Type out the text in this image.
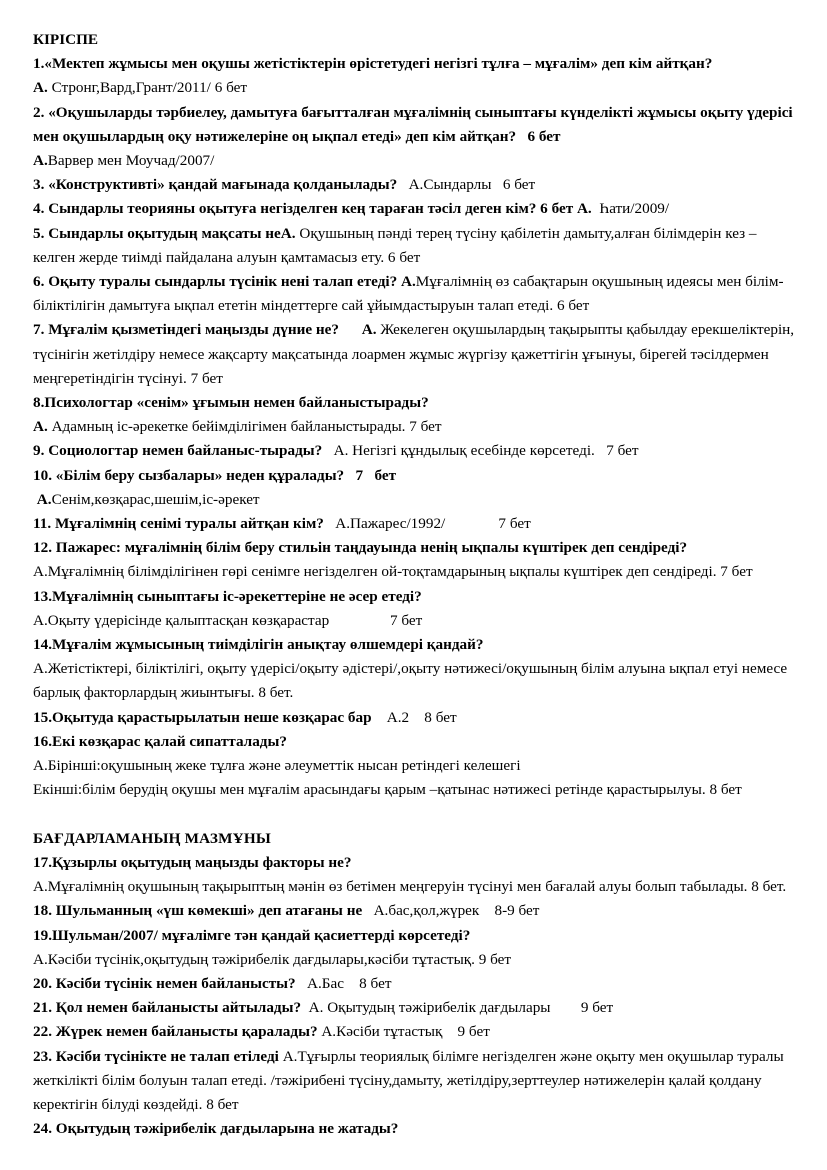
КІРІСПЕ

1.«Мектеп жұмысы мен оқушы жетістіктерін өрістетудегі негізгі тұлға – мұғалім» деп кім айтқан?

А. Стронг,Вард,Грант/2011/ 6 бет

2. «Оқушыларды тәрбиелеу, дамытуға бағытталған мұғалімнің сыныптағы күнделікті жұмысы оқыту үдерісі мен оқушылардың оқу нәтижелеріне оң ықпал етеді» деп кім айтқан?   6 бет

А.Варвер мен Моучад/2007/

3. «Конструктивті» қандай мағынада қолданылады?   А.Сындарлы   6 бет

4. Сындарлы теорияны оқытуға негізделген кең тараған тәсіл деген кім? 6 бет А.  Һати/2009/

5. Сындарлы оқытудың мақсаты неА. Оқушының пәнді терең түсіну қабілетін дамыту,алған білімдерін кез – келген жерде тиімді пайдалана алуын қамтамасыз ету. 6 бет

6. Оқыту туралы сындарлы түсінік нені талап етеді? А.Мұғалімнің өз сабақтарын оқушының идеясы мен білім-біліктілігін дамытуға ықпал ететін міндеттерге сай ұйымдастыруын талап етеді. 6 бет

7. Мұғалім қызметіндегі маңызды дүние не?      А. Жекелеген оқушылардың тақырыпты қабылдау ерекшеліктерін, түсінігін жетілдіру немесе жақсарту мақсатында лоармен жұмыс жүргізу қажеттігін ұғынуы, бірегей тәсілдермен меңгеретіндігін түсінуі. 7 бет

8.Психологтар «сенім» ұғымын немен байланыстырады?

А. Адамның іс-әрекетке бейімділігімен байланыстырады. 7 бет

9. Социологтар немен байланыс-тырады?   А. Негізгі құндылық есебінде көрсетеді.   7 бет

10. «Білім беру сызбалары» неден құралады?   7   бет

А.Сенім,көзқарас,шешім,іс-әрекет

11. Мұғалімнің сенімі туралы айтқан кім?   А.Пажарес/1992/              7 бет

12. Пажарес: мұғалімнің білім беру стильін таңдауында ненің ықпалы күштірек деп сендіреді?

А.Мұғалімнің білімділігінен гөрі сенімге негізделген ой-тоқтамдарының ықпалы күштірек деп сендіреді. 7 бет

13.Мұғалімнің сыныптағы іс-әрекеттеріне не әсер етеді?

А.Оқыту үдерісінде қалыптасқан көзқарастар                7 бет

14.Мұғалім жұмысының тиімділігін анықтау өлшемдері қандай?

А.Жетістіктері, біліктілігі, оқыту үдерісі/оқыту әдістері/,оқыту нәтижесі/оқушының білім алуына ықпал етуі немесе барлық факторлардың жиынтығы. 8 бет.

15.Оқытуда қарастырылатын неше көзқарас бар    А.2    8 бет

16.Екі көзқарас қалай сипатталады?

А.Бірінші:оқушының жеке тұлға және әлеуметтік нысан ретіндегі келешегі

Екінші:білім берудің оқушы мен мұғалім арасындағы қарым –қатынас нәтижесі ретінде қарастырылуы. 8 бет

БАҒДАРЛАМАНЫҢ МАЗМҰНЫ

17.Құзырлы оқытудың маңызды факторы не?

А.Мұғалімнің оқушының тақырыптың мәнін өз бетімен меңгеруін түсінуі мен бағалай алуы болып табылады. 8 бет.

18. Шульманның «үш көмекші» деп атағаны не   А.бас,қол,жүрек    8-9 бет

19.Шульман/2007/ мұғалімге тән қандай қасиеттерді көрсетеді?

А.Кәсіби түсінік,оқытудың тәжірибелік дағдылары,кәсіби тұтастық. 9 бет

20. Кәсіби түсінік немен байланысты?   А.Бас    8 бет

21. Қол немен байланысты айтылады?  А. Оқытудың тәжірибелік дағдылары        9 бет

22. Жүрек немен байланысты қаралады? А.Кәсіби тұтастық    9 бет

23. Кәсіби түсінікте не талап етіледі А.Тұғырлы теориялық білімге негізделген және оқыту мен оқушылар туралы жеткілікті білім болуын талап етеді. /тәжірибені түсіну,дамыту, жетілдіру,зерттеулер нәтижелерін қалай қолдану керектігін білуді көздейді. 8 бет

24. Оқытудың тәжірибелік дағдыларына не жатады?
